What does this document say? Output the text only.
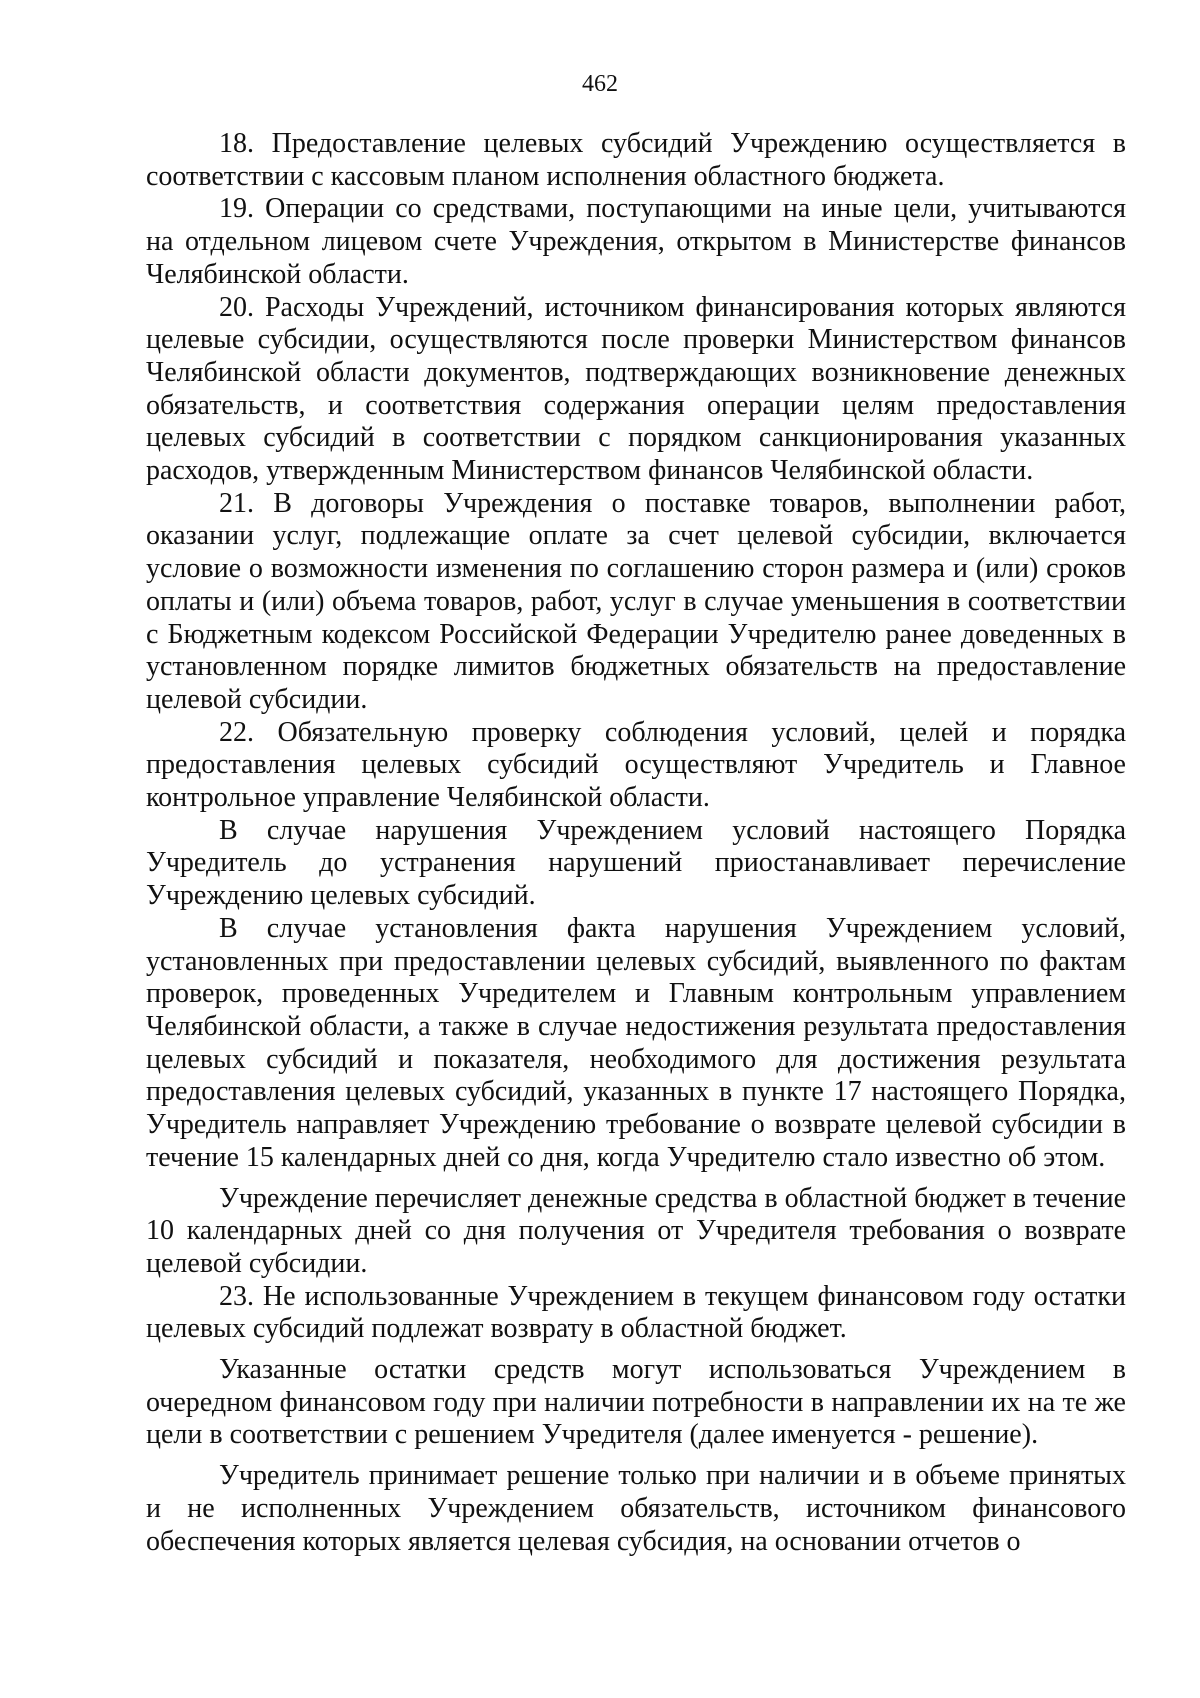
462

18. Предоставление целевых субсидий Учреждению осуществляется в соответствии с кассовым планом исполнения областного бюджета.

19. Операции со средствами, поступающими на иные цели, учитываются на отдельном лицевом счете Учреждения, открытом в Министерстве финансов Челябинской области.

20. Расходы Учреждений, источником финансирования которых являются целевые субсидии, осуществляются после проверки Министерством финансов Челябинской области документов, подтверждающих возникновение денежных обязательств, и соответствия содержания операции целям предоставления целевых субсидий в соответствии с порядком санкционирования указанных расходов, утвержденным Министерством финансов Челябинской области.

21. В договоры Учреждения о поставке товаров, выполнении работ, оказании услуг, подлежащие оплате за счет целевой субсидии, включается условие о возможности изменения по соглашению сторон размера и (или) сроков оплаты и (или) объема товаров, работ, услуг в случае уменьшения в соответствии с Бюджетным кодексом Российской Федерации Учредителю ранее доведенных в установленном порядке лимитов бюджетных обязательств на предоставление целевой субсидии.

22. Обязательную проверку соблюдения условий, целей и порядка предоставления целевых субсидий осуществляют Учредитель и Главное контрольное управление Челябинской области.

В случае нарушения Учреждением условий настоящего Порядка Учредитель до устранения нарушений приостанавливает перечисление Учреждению целевых субсидий.

В случае установления факта нарушения Учреждением условий, установленных при предоставлении целевых субсидий, выявленного по фактам проверок, проведенных Учредителем и Главным контрольным управлением Челябинской области, а также в случае недостижения результата предоставления целевых субсидий и показателя, необходимого для достижения результата предоставления целевых субсидий, указанных в пункте 17 настоящего Порядка, Учредитель направляет Учреждению требование о возврате целевой субсидии в течение 15 календарных дней со дня, когда Учредителю стало известно об этом.

Учреждение перечисляет денежные средства в областной бюджет в течение 10 календарных дней со дня получения от Учредителя требования о возврате целевой субсидии.

23. Не использованные Учреждением в текущем финансовом году остатки целевых субсидий подлежат возврату в областной бюджет.

Указанные остатки средств могут использоваться Учреждением в очередном финансовом году при наличии потребности в направлении их на те же цели в соответствии с решением Учредителя (далее именуется - решение).

Учредитель принимает решение только при наличии и в объеме принятых и не исполненных Учреждением обязательств, источником финансового обеспечения которых является целевая субсидия, на основании отчетов о
